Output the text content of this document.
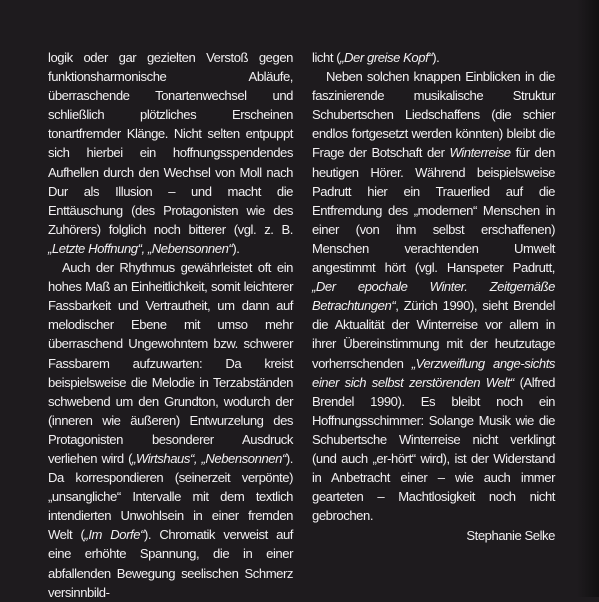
logik oder gar gezielten Verstoß gegen funktionsharmonische Abläufe, überraschende Tonartenwechsel und schließlich plötzliches Erscheinen tonartfremder Klänge. Nicht selten entpuppt sich hierbei ein hoffnungsspendendes Aufhellen durch den Wechsel von Moll nach Dur als Illusion – und macht die Enttäuschung (des Protagonisten wie des Zuhörers) folglich noch bitterer (vgl. z. B. „Letzte Hoffnung“, „Nebensonnen“).

Auch der Rhythmus gewährleistet oft ein hohes Maß an Einheitlichkeit, somit leichterer Fassbarkeit und Vertrautheit, um dann auf melodischer Ebene mit umso mehr überraschend Ungewohntem bzw. schwerer Fassbarem aufzuwarten: Da kreist beispielsweise die Melodie in Terzabständen schwebend um den Grundton, wodurch der (inneren wie äußeren) Entwurzelung des Protagonisten besonderer Ausdruck verliehen wird („Wirtshaus“, „Nebensonnen“). Da korrespondieren (seinerzeit verpönte) „unsangliche“ Intervalle mit dem textlich intendierten Unwohlsein in einer fremden Welt („Im Dorfe“). Chromatik verweist auf eine erhöhte Spannung, die in einer abfallenden Bewegung seelischen Schmerz versinnbild-

licht („Der greise Kopf“).

Neben solchen knappen Einblicken in die faszinierende musikalische Struktur Schubertschen Liedschaffens (die schier endlos fortgesetzt werden könnten) bleibt die Frage der Botschaft der Winterreise für den heutigen Hörer. Während beispielsweise Padrutt hier ein Trauerlied auf die Entfremdung des „modernen“ Menschen in einer (von ihm selbst erschaffenen) Menschen verachtenden Umwelt angestimmt hört (vgl. Hanspeter Padrutt, „Der epochale Winter. Zeitgemäße Betrachtungen“, Zürich 1990), sieht Brendel die Aktualität der Winterreise vor allem in ihrer Übereinstimmung mit der heutzutage vorherrschenden „Verzweiflung ange-sichts einer sich selbst zerstörenden Welt“ (Alfred Brendel 1990). Es bleibt noch ein Hoffnungsschimmer: Solange Musik wie die Schubertsche Winterreise nicht verklingt (und auch „er-hört“ wird), ist der Widerstand in Anbetracht einer – wie auch immer gearteten – Machtlosigkeit noch nicht gebrochen.

Stephanie Selke
